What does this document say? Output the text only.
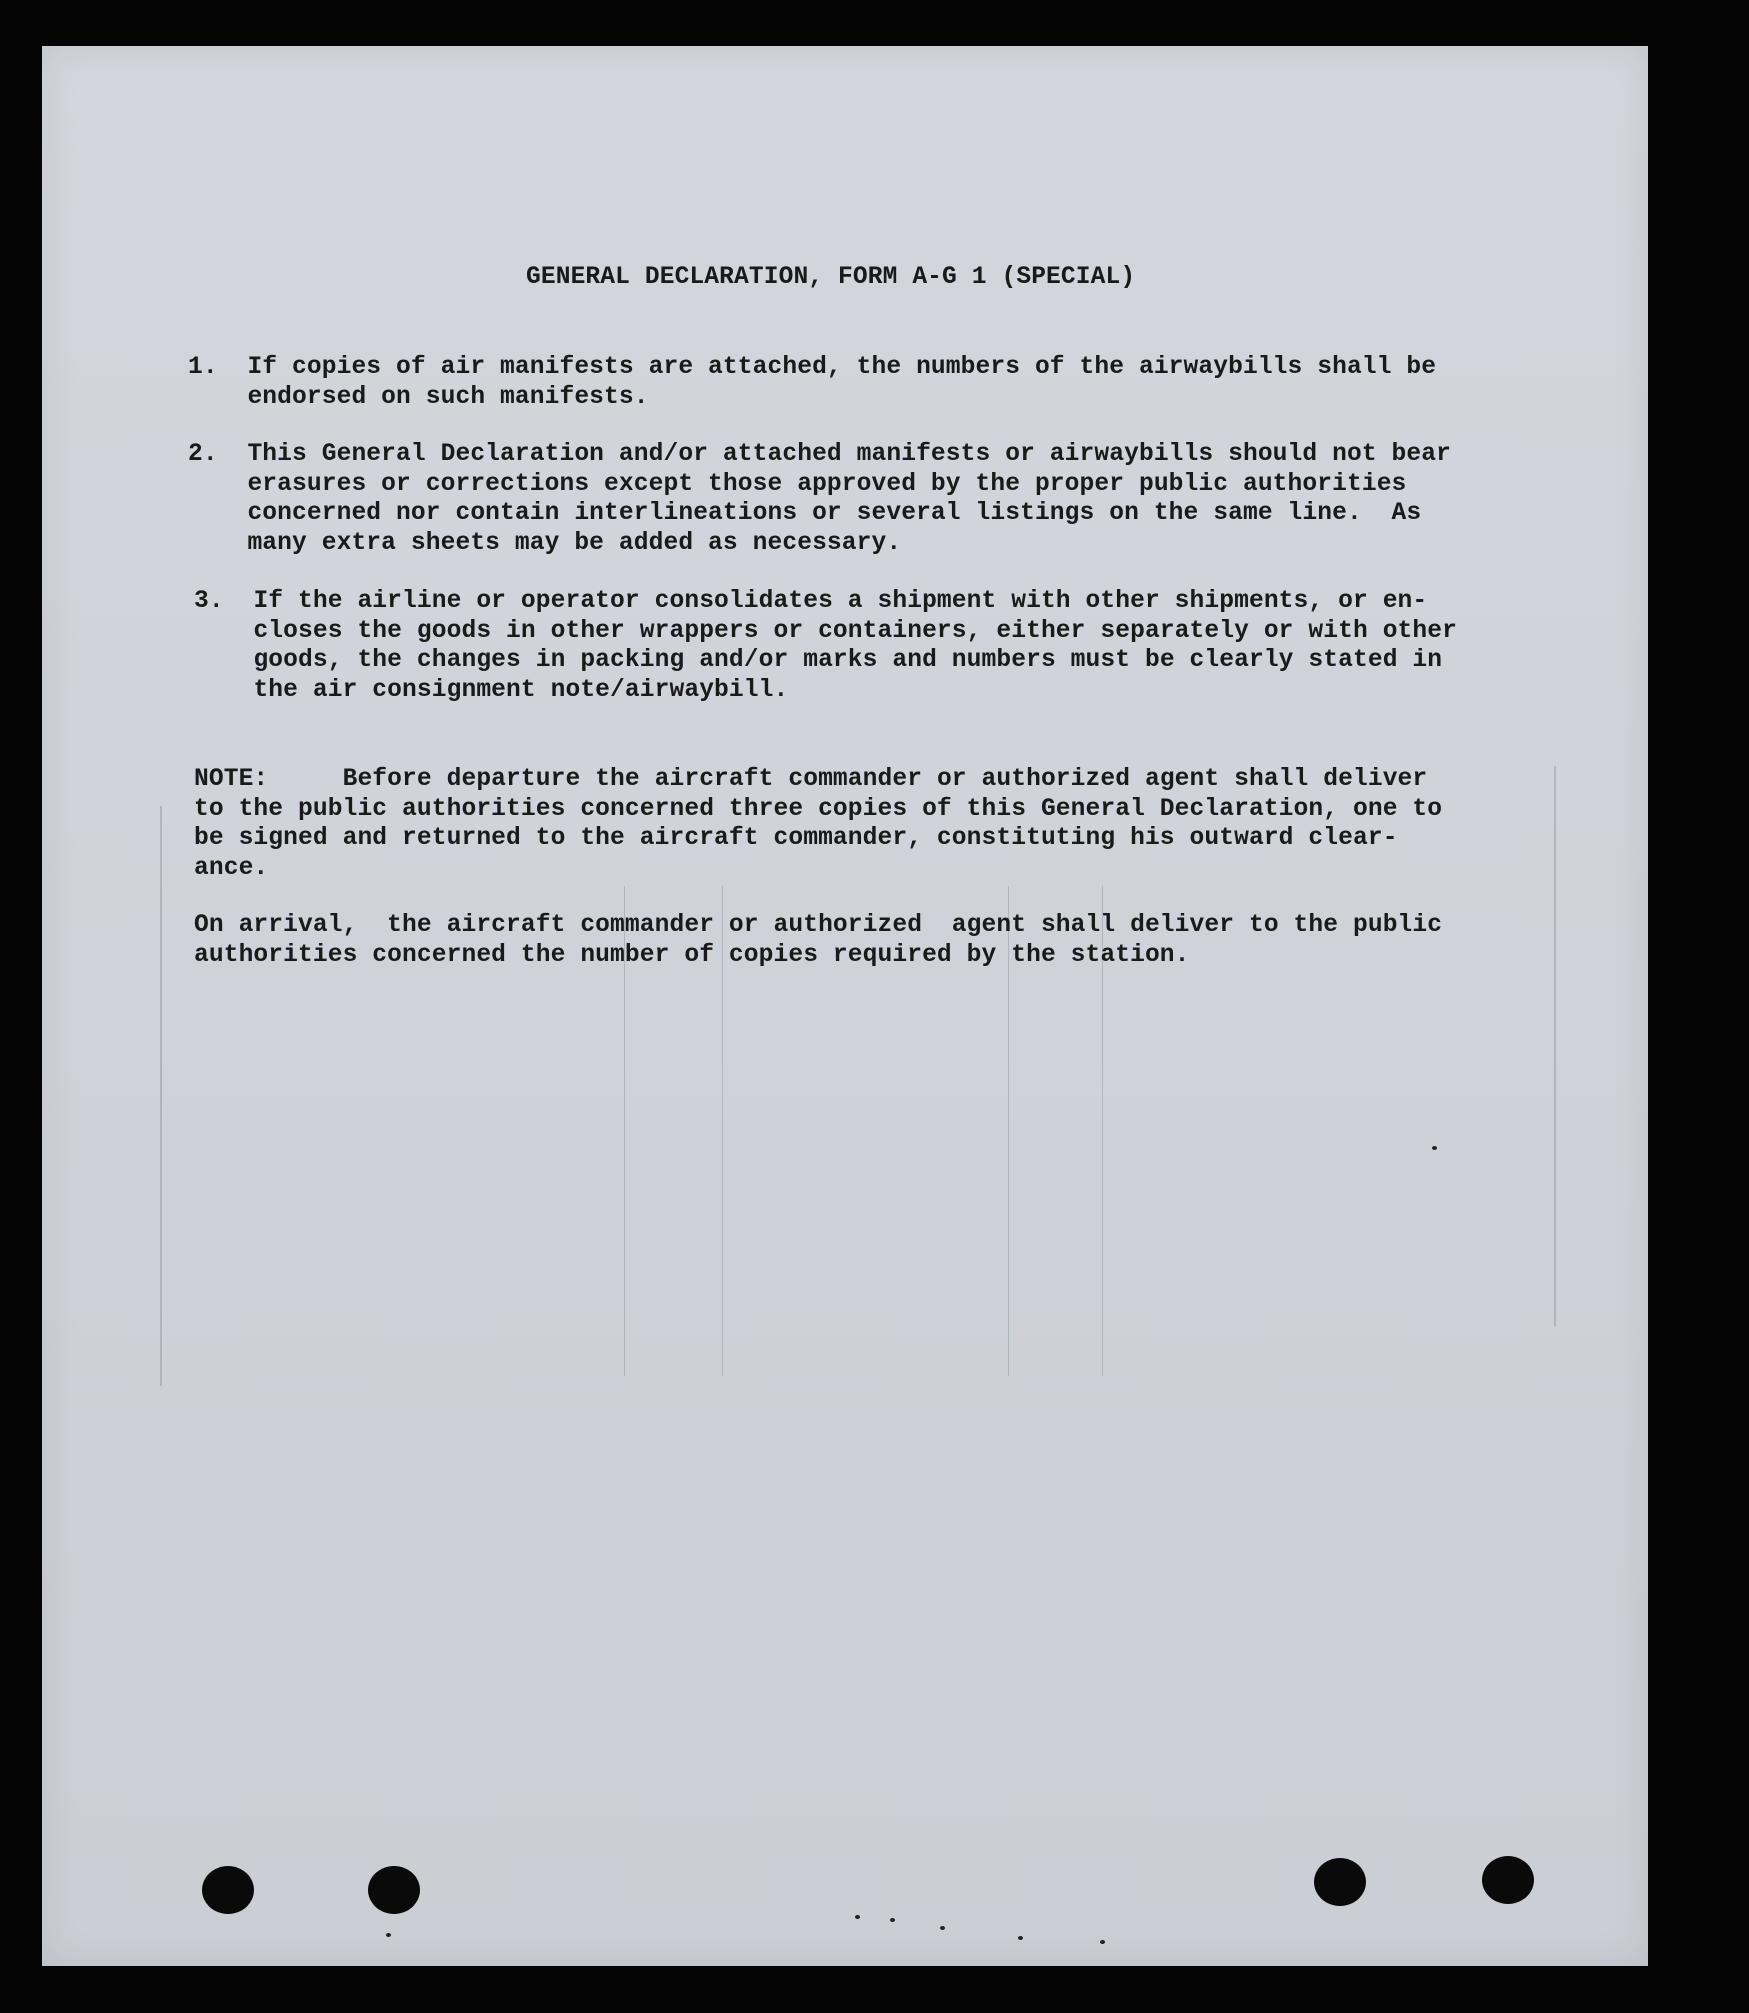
GENERAL DECLARATION, FORM A-G 1 (SPECIAL)
1. If copies of air manifests are attached, the numbers of the airwaybills shall be
endorsed on such manifests.
2. This General Declaration and/or attached manifests or airwaybills should not bear
erasures or corrections except those approved by the proper public authorities
concerned nor contain interlineations or several listings on the same line.  As
many extra sheets may be added as necessary.
3. If the airline or operator consolidates a shipment with other shipments, or en-
closes the goods in other wrappers or containers, either separately or with other
goods, the changes in packing and/or marks and numbers must be clearly stated in
the air consignment note/airwaybill.
NOTE:	Before departure the aircraft commander or authorized agent shall deliver
to the public authorities concerned three copies of this General Declaration, one to
be signed and returned to the aircraft commander, constituting his outward clear-
ance.
On arrival,  the aircraft commander or authorized  agent shall deliver to the public
authorities concerned the number of copies required by the station.
